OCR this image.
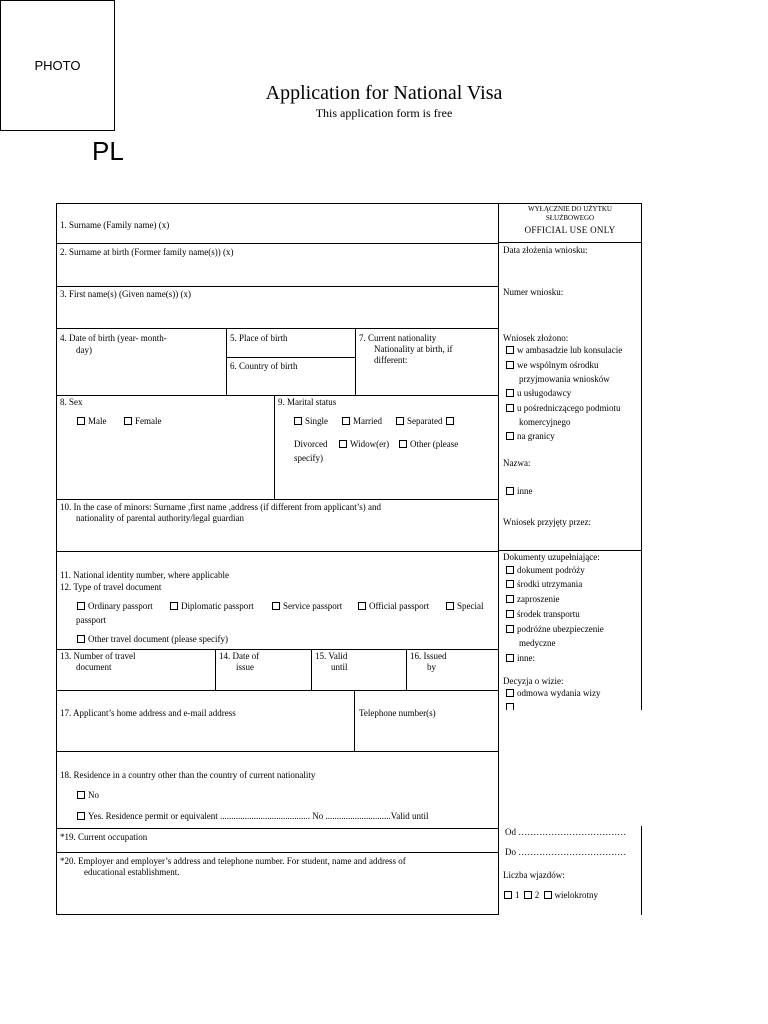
Application for National Visa
This application form is free
PL
PHOTO
1. Surname (Family name) (x)
2. Surname at birth (Former family name(s)) (x)
3. First name(s) (Given name(s)) (x)
4. Date of birth (year- month-
day)
5. Place of birth
6. Country of birth
7. Current nationality
Nationality at birth, if
different:
8. Sex
Male	Female
9. Marital status
Single	Married	Separated
Divorced	Widow(er)	Other (please
specify)
10. In the case of minors: Surname ,first name ,address (if different from applicant’s) and
nationality of parental authority/legal guardian
11. National identity number, where applicable
12. Type of travel document
Ordinary passport	Diplomatic passport	Service passport	Official passport	Special
passport
Other travel document (please specify)
13. Number of travel
document
14. Date of
issue
15. Valid
until
16. Issued
by
17. Applicant’s home address and e-mail address	Telephone number(s)
18. Residence in a country other than the country of current nationality
No
Yes. Residence permit or equivalent ........................................ No .............................Valid until
*19. Current occupation
*20. Employer and employer’s address and telephone number. For student, name and address of
educational establishment.
WYŁĄCZNIE DO UŻYTKU
SŁUŻBOWEGO
OFFICIAL USE ONLY
Data złożenia wniosku:
Numer wniosku:
Wniosek złożono:
w ambasadzie lub konsulacie
we wspólnym ośrodku
przyjmowania wniosków
u usługodawcy
u pośredniczącego podmiotu
komercyjnego
na granicy
Nazwa:
inne
Wniosek przyjęty przez:
Dokumenty uzupełniające:
dokument podróży
środki utrzymania
zaproszenie
środek transportu
podróżne ubezpieczenie
medyczne
inne:
Decyzja o wizie:
odmowa wydania wizy
Od ………………………………
Do ………………………………
Liczba wjazdów:
1 2 wielokrotny
